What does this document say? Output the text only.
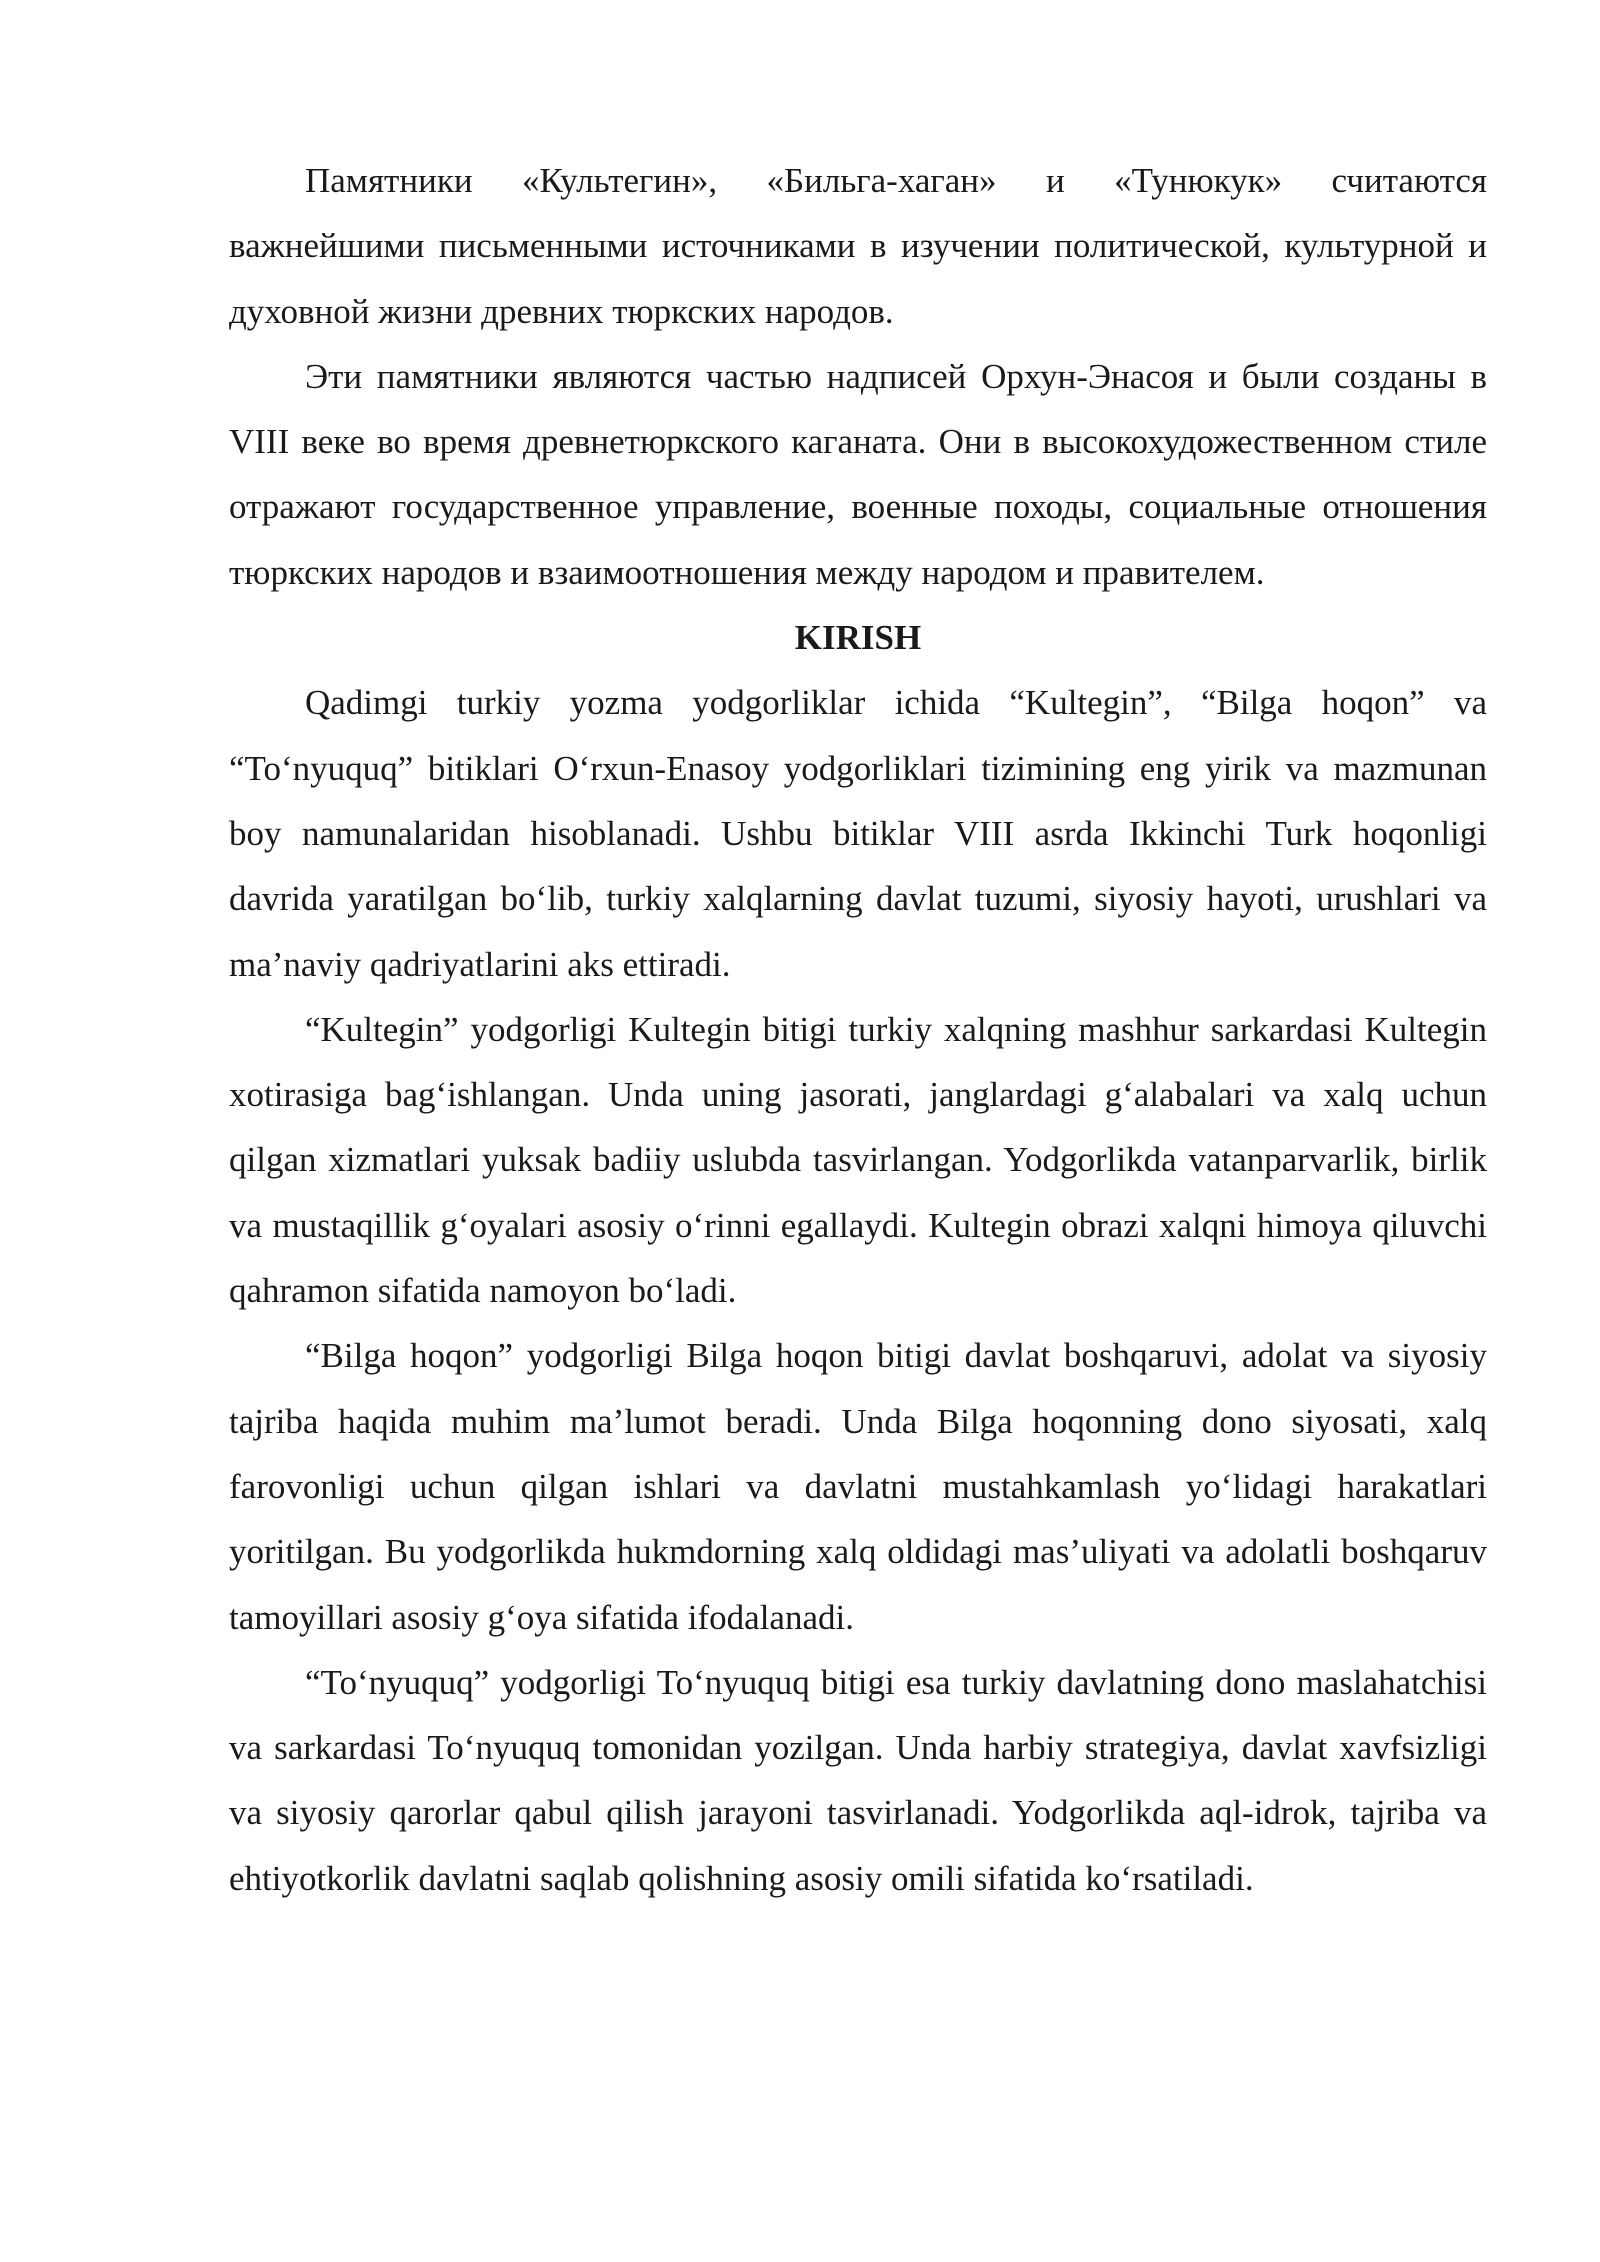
Памятники «Культегин», «Бильга-хаган» и «Тунюкук» считаются важнейшими письменными источниками в изучении политической, культурной и духовной жизни древних тюркских народов.

Эти памятники являются частью надписей Орхун-Энасоя и были созданы в VIII веке во время древнетюркского каганата. Они в высокохудожественном стиле отражают государственное управление, военные походы, социальные отношения тюркских народов и взаимоотношения между народом и правителем.

KIRISH

Qadimgi turkiy yozma yodgorliklar ichida “Kultegin”, “Bilga hoqon” va “To‘nyuquq” bitiklari O‘rxun-Enasoy yodgorliklari tizimining eng yirik va mazmunan boy namunalaridan hisoblanadi. Ushbu bitiklar VIII asrda Ikkinchi Turk hoqonligi davrida yaratilgan bo‘lib, turkiy xalqlarning davlat tuzumi, siyosiy hayoti, urushlari va ma’naviy qadriyatlarini aks ettiradi.

“Kultegin” yodgorligi Kultegin bitigi turkiy xalqning mashhur sarkardasi Kultegin xotirasiga bag‘ishlangan. Unda uning jasorati, janglardagi g‘alabalari va xalq uchun qilgan xizmatlari yuksak badiiy uslubda tasvirlangan. Yodgorlikda vatanparvarlik, birlik va mustaqillik g‘oyalari asosiy o‘rinni egallaydi. Kultegin obrazi xalqni himoya qiluvchi qahramon sifatida namoyon bo‘ladi.

“Bilga hoqon” yodgorligi Bilga hoqon bitigi davlat boshqaruvi, adolat va siyosiy tajriba haqida muhim ma’lumot beradi. Unda Bilga hoqonning dono siyosati, xalq farovonligi uchun qilgan ishlari va davlatni mustahkamlash yo‘lidagi harakatlari yoritilgan. Bu yodgorlikda hukmdorning xalq oldidagi mas’uliyati va adolatli boshqaruv tamoyillari asosiy g‘oya sifatida ifodalanadi.

“To‘nyuquq” yodgorligi To‘nyuquq bitigi esa turkiy davlatning dono maslahatchisi va sarkardasi To‘nyuquq tomonidan yozilgan. Unda harbiy strategiya, davlat xavfsizligi va siyosiy qarorlar qabul qilish jarayoni tasvirlanadi. Yodgorlikda aql-idrok, tajriba va ehtiyotkorlik davlatni saqlab qolishning asosiy omili sifatida ko‘rsatiladi.
